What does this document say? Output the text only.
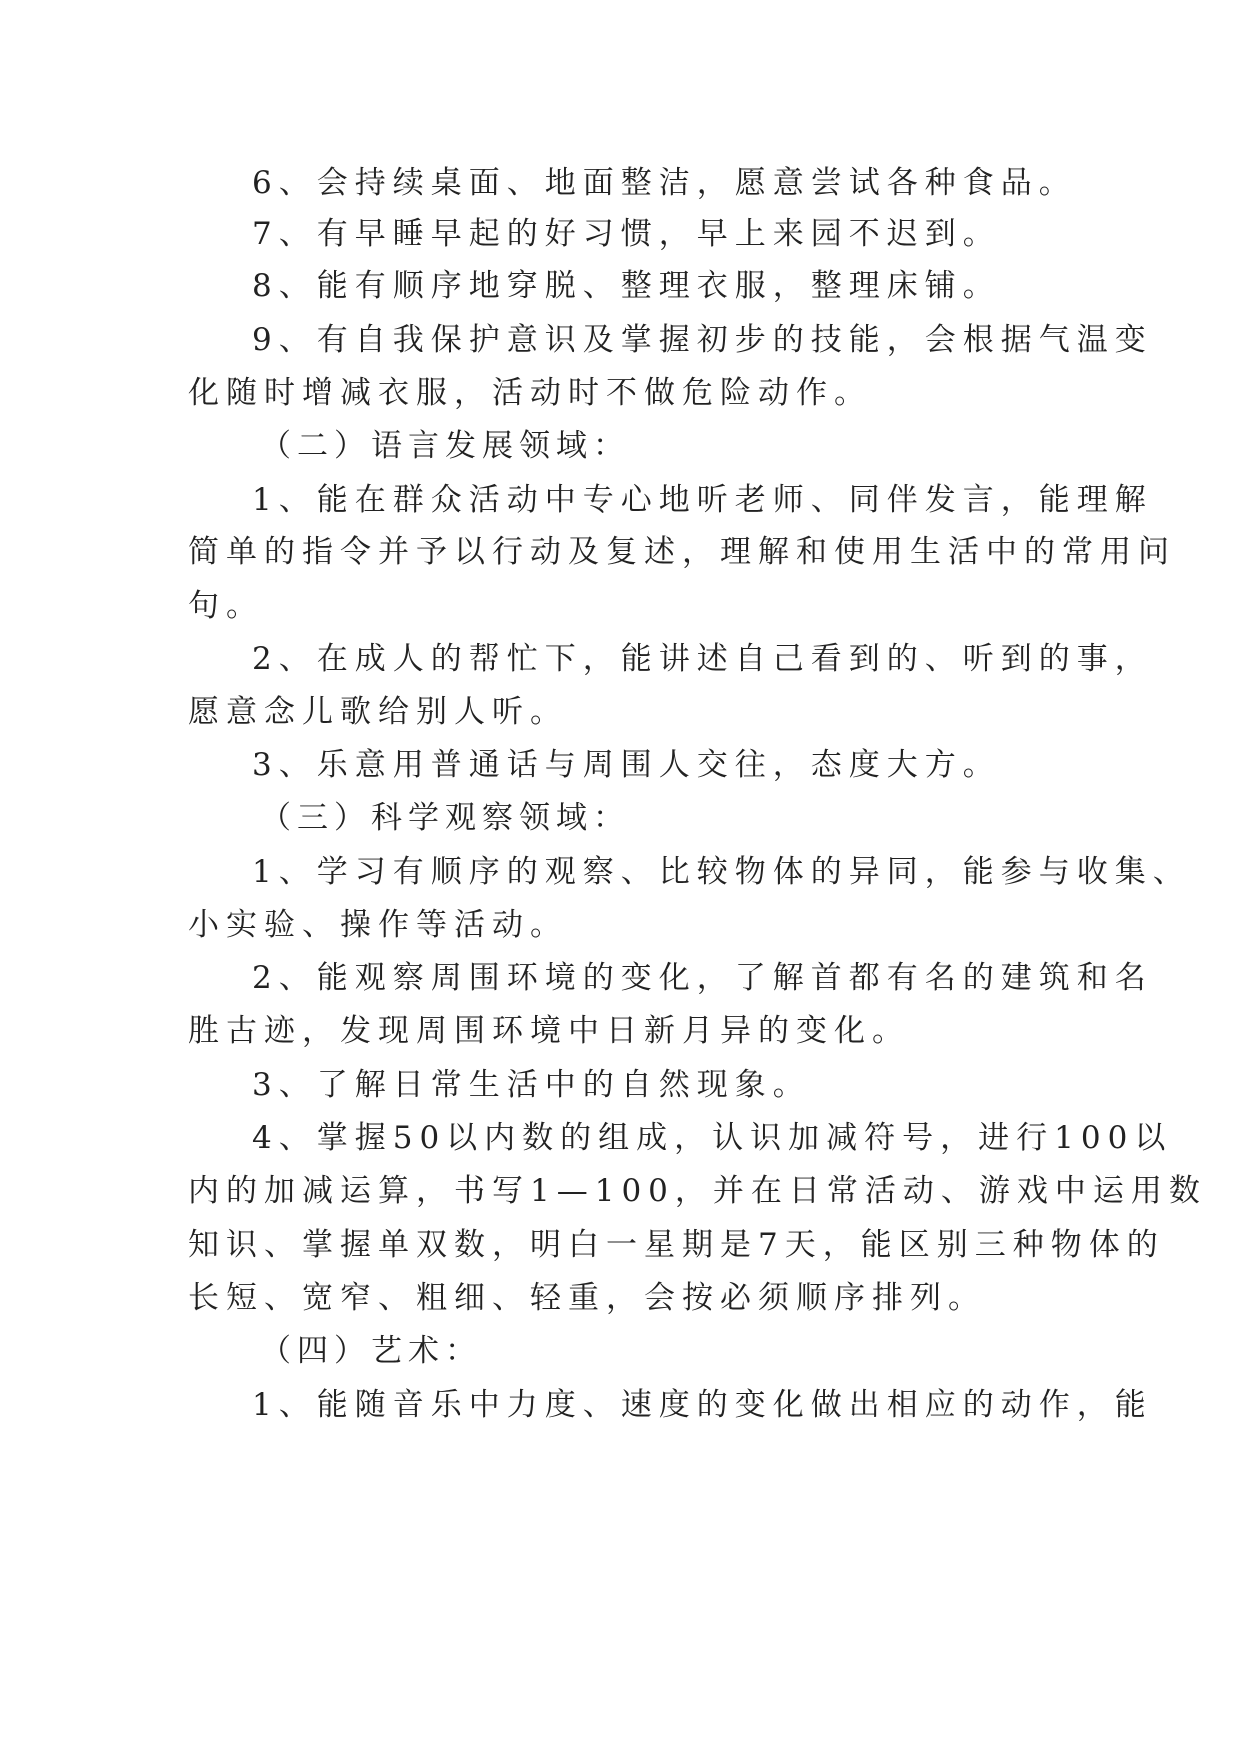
6、会持续桌面、地面整洁，愿意尝试各种食品。
7、有早睡早起的好习惯，早上来园不迟到。
8、能有顺序地穿脱、整理衣服，整理床铺。
9、有自我保护意识及掌握初步的技能，会根据气温变
化随时增减衣服，活动时不做危险动作。
（二）语言发展领域：
1、能在群众活动中专心地听老师、同伴发言，能理解
简单的指令并予以行动及复述，理解和使用生活中的常用问
句。
2、在成人的帮忙下，能讲述自己看到的、听到的事，
愿意念儿歌给别人听。
3、乐意用普通话与周围人交往，态度大方。
（三）科学观察领域：
1、学习有顺序的观察、比较物体的异同，能参与收集、
小实验、操作等活动。
2、能观察周围环境的变化，了解首都有名的建筑和名
胜古迹，发现周围环境中日新月异的变化。
3、了解日常生活中的自然现象。
4、掌握50以内数的组成，认识加减符号，进行100以
内的加减运算，书写1—100，并在日常活动、游戏中运用数
知识、掌握单双数，明白一星期是7天，能区别三种物体的
长短、宽窄、粗细、轻重，会按必须顺序排列。
（四）艺术：
1、能随音乐中力度、速度的变化做出相应的动作，能
